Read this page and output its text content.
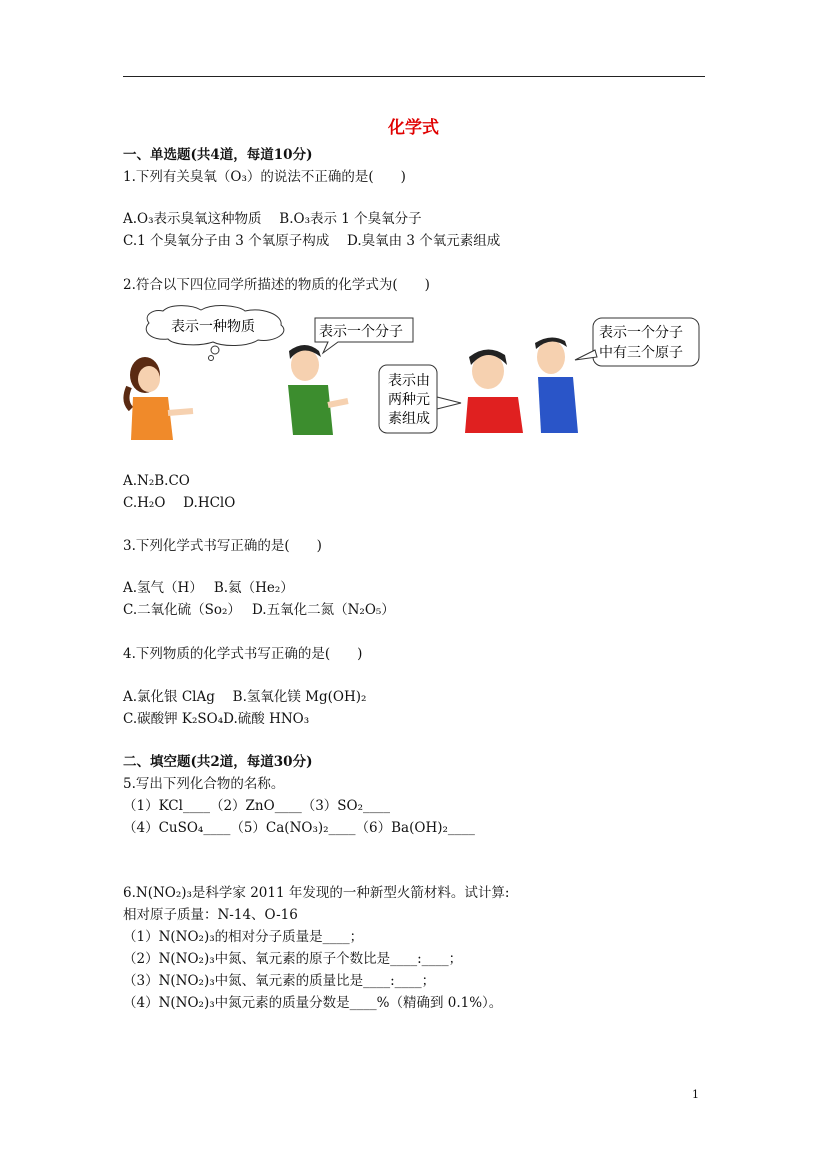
化学式
一、单选题(共4道，每道10分)
1.下列有关臭氧（O₃）的说法不正确的是(　　)
A.O₃表示臭氧这种物质　 B.O₃表示 1 个臭氧分子
C.1 个臭氧分子由 3 个氧原子构成　 D.臭氧由 3 个氧元素组成
2.符合以下四位同学所描述的物质的化学式为(　　)
表示一种物质	表示一个分子
表示由
两种元
素组成
表示一个分子
中有三个原子
A.N₂B.CO
C.H₂O　 D.HClO
3.下列化学式书写正确的是(　　)
A.氢气（H）　 B.氦（He₂）
C.二氧化硫（So₂）　 D.五氧化二氮（N₂O₅）
4.下列物质的化学式书写正确的是(　　)
A.氯化银 ClAg　 B.氢氧化镁 Mg(OH)₂
C.碳酸钾 K₂SO₄D.硫酸 HNO₃
二、填空题(共2道，每道30分)
5.写出下列化合物的名称。
（1）KCl____（2）ZnO____（3）SO₂____
（4）CuSO₄____（5）Ca(NO₃)₂____（6）Ba(OH)₂____
6.N(NO₂)₃是科学家 2011 年发现的一种新型火箭材料。试计算:
相对原子质量：N-14、O-16
（1）N(NO₂)₃的相对分子质量是____；
（2）N(NO₂)₃中氮、氧元素的原子个数比是____:____；
（3）N(NO₂)₃中氮、氧元素的质量比是____:____；
（4）N(NO₂)₃中氮元素的质量分数是____%（精确到 0.1%）。
1
